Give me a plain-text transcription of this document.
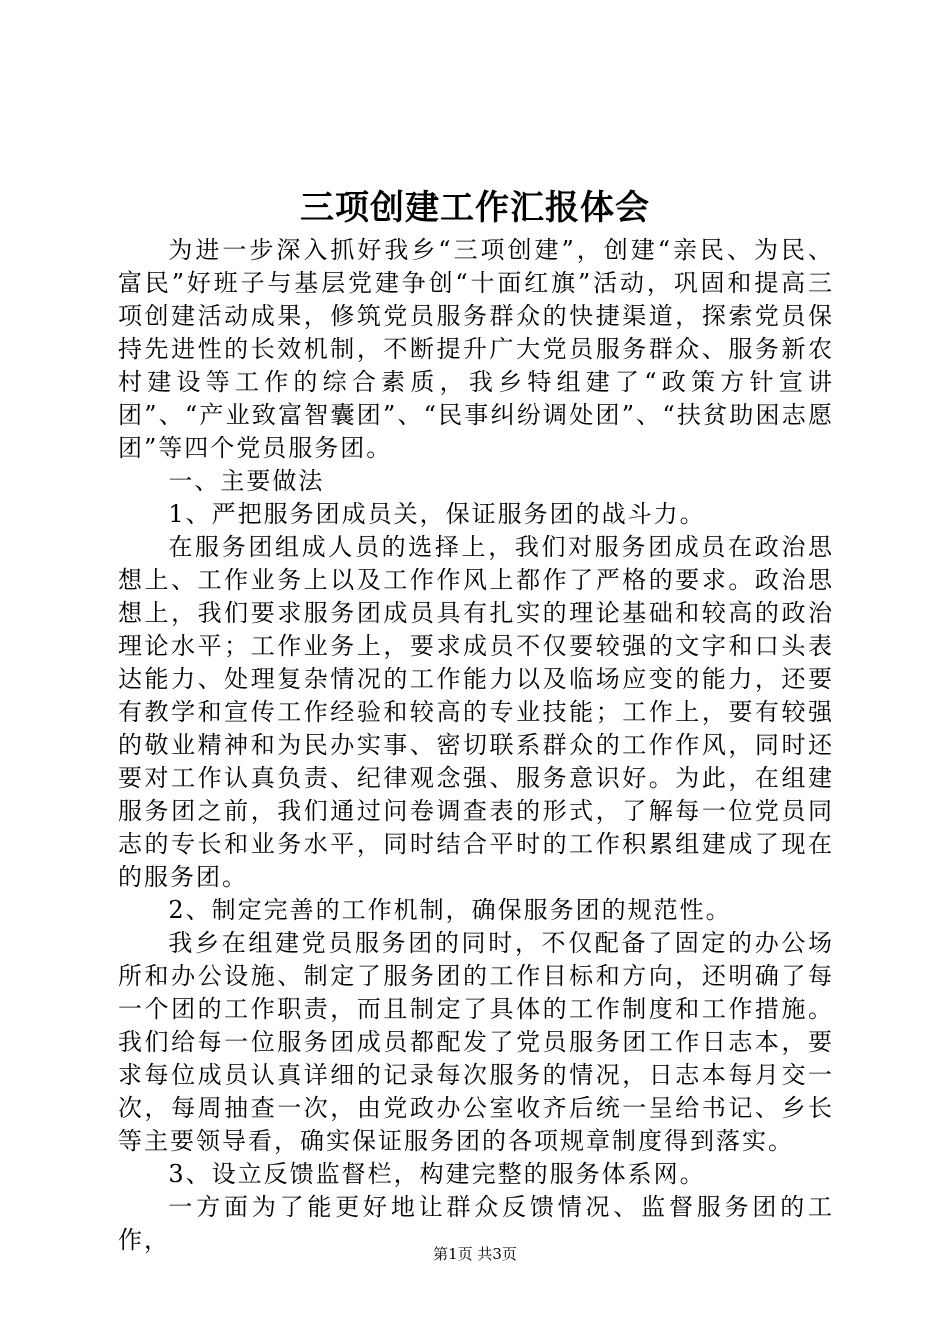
三项创建工作汇报体会

为进一步深入抓好我乡“三项创建”，创建“亲民、为民、富民”好班子与基层党建争创“十面红旗”活动，巩固和提高三项创建活动成果，修筑党员服务群众的快捷渠道，探索党员保持先进性的长效机制，不断提升广大党员服务群众、服务新农村建设等工作的综合素质，我乡特组建了“政策方针宣讲团”、“产业致富智囊团”、“民事纠纷调处团”、“扶贫助困志愿团”等四个党员服务团。

一、主要做法

1、严把服务团成员关，保证服务团的战斗力。

在服务团组成人员的选择上，我们对服务团成员在政治思想上、工作业务上以及工作作风上都作了严格的要求。政治思想上，我们要求服务团成员具有扎实的理论基础和较高的政治理论水平；工作业务上，要求成员不仅要较强的文字和口头表达能力、处理复杂情况的工作能力以及临场应变的能力，还要有教学和宣传工作经验和较高的专业技能；工作上，要有较强的敬业精神和为民办实事、密切联系群众的工作作风，同时还要对工作认真负责、纪律观念强、服务意识好。为此，在组建服务团之前，我们通过问卷调查表的形式，了解每一位党员同志的专长和业务水平，同时结合平时的工作积累组建成了现在的服务团。

2、制定完善的工作机制，确保服务团的规范性。

我乡在组建党员服务团的同时，不仅配备了固定的办公场所和办公设施、制定了服务团的工作目标和方向，还明确了每一个团的工作职责，而且制定了具体的工作制度和工作措施。我们给每一位服务团成员都配发了党员服务团工作日志本，要求每位成员认真详细的记录每次服务的情况，日志本每月交一次，每周抽查一次，由党政办公室收齐后统一呈给书记、乡长等主要领导看，确实保证服务团的各项规章制度得到落实。

3、设立反馈监督栏，构建完整的服务体系网。

一方面为了能更好地让群众反馈情况、监督服务团的工作，	第1页 共3页
